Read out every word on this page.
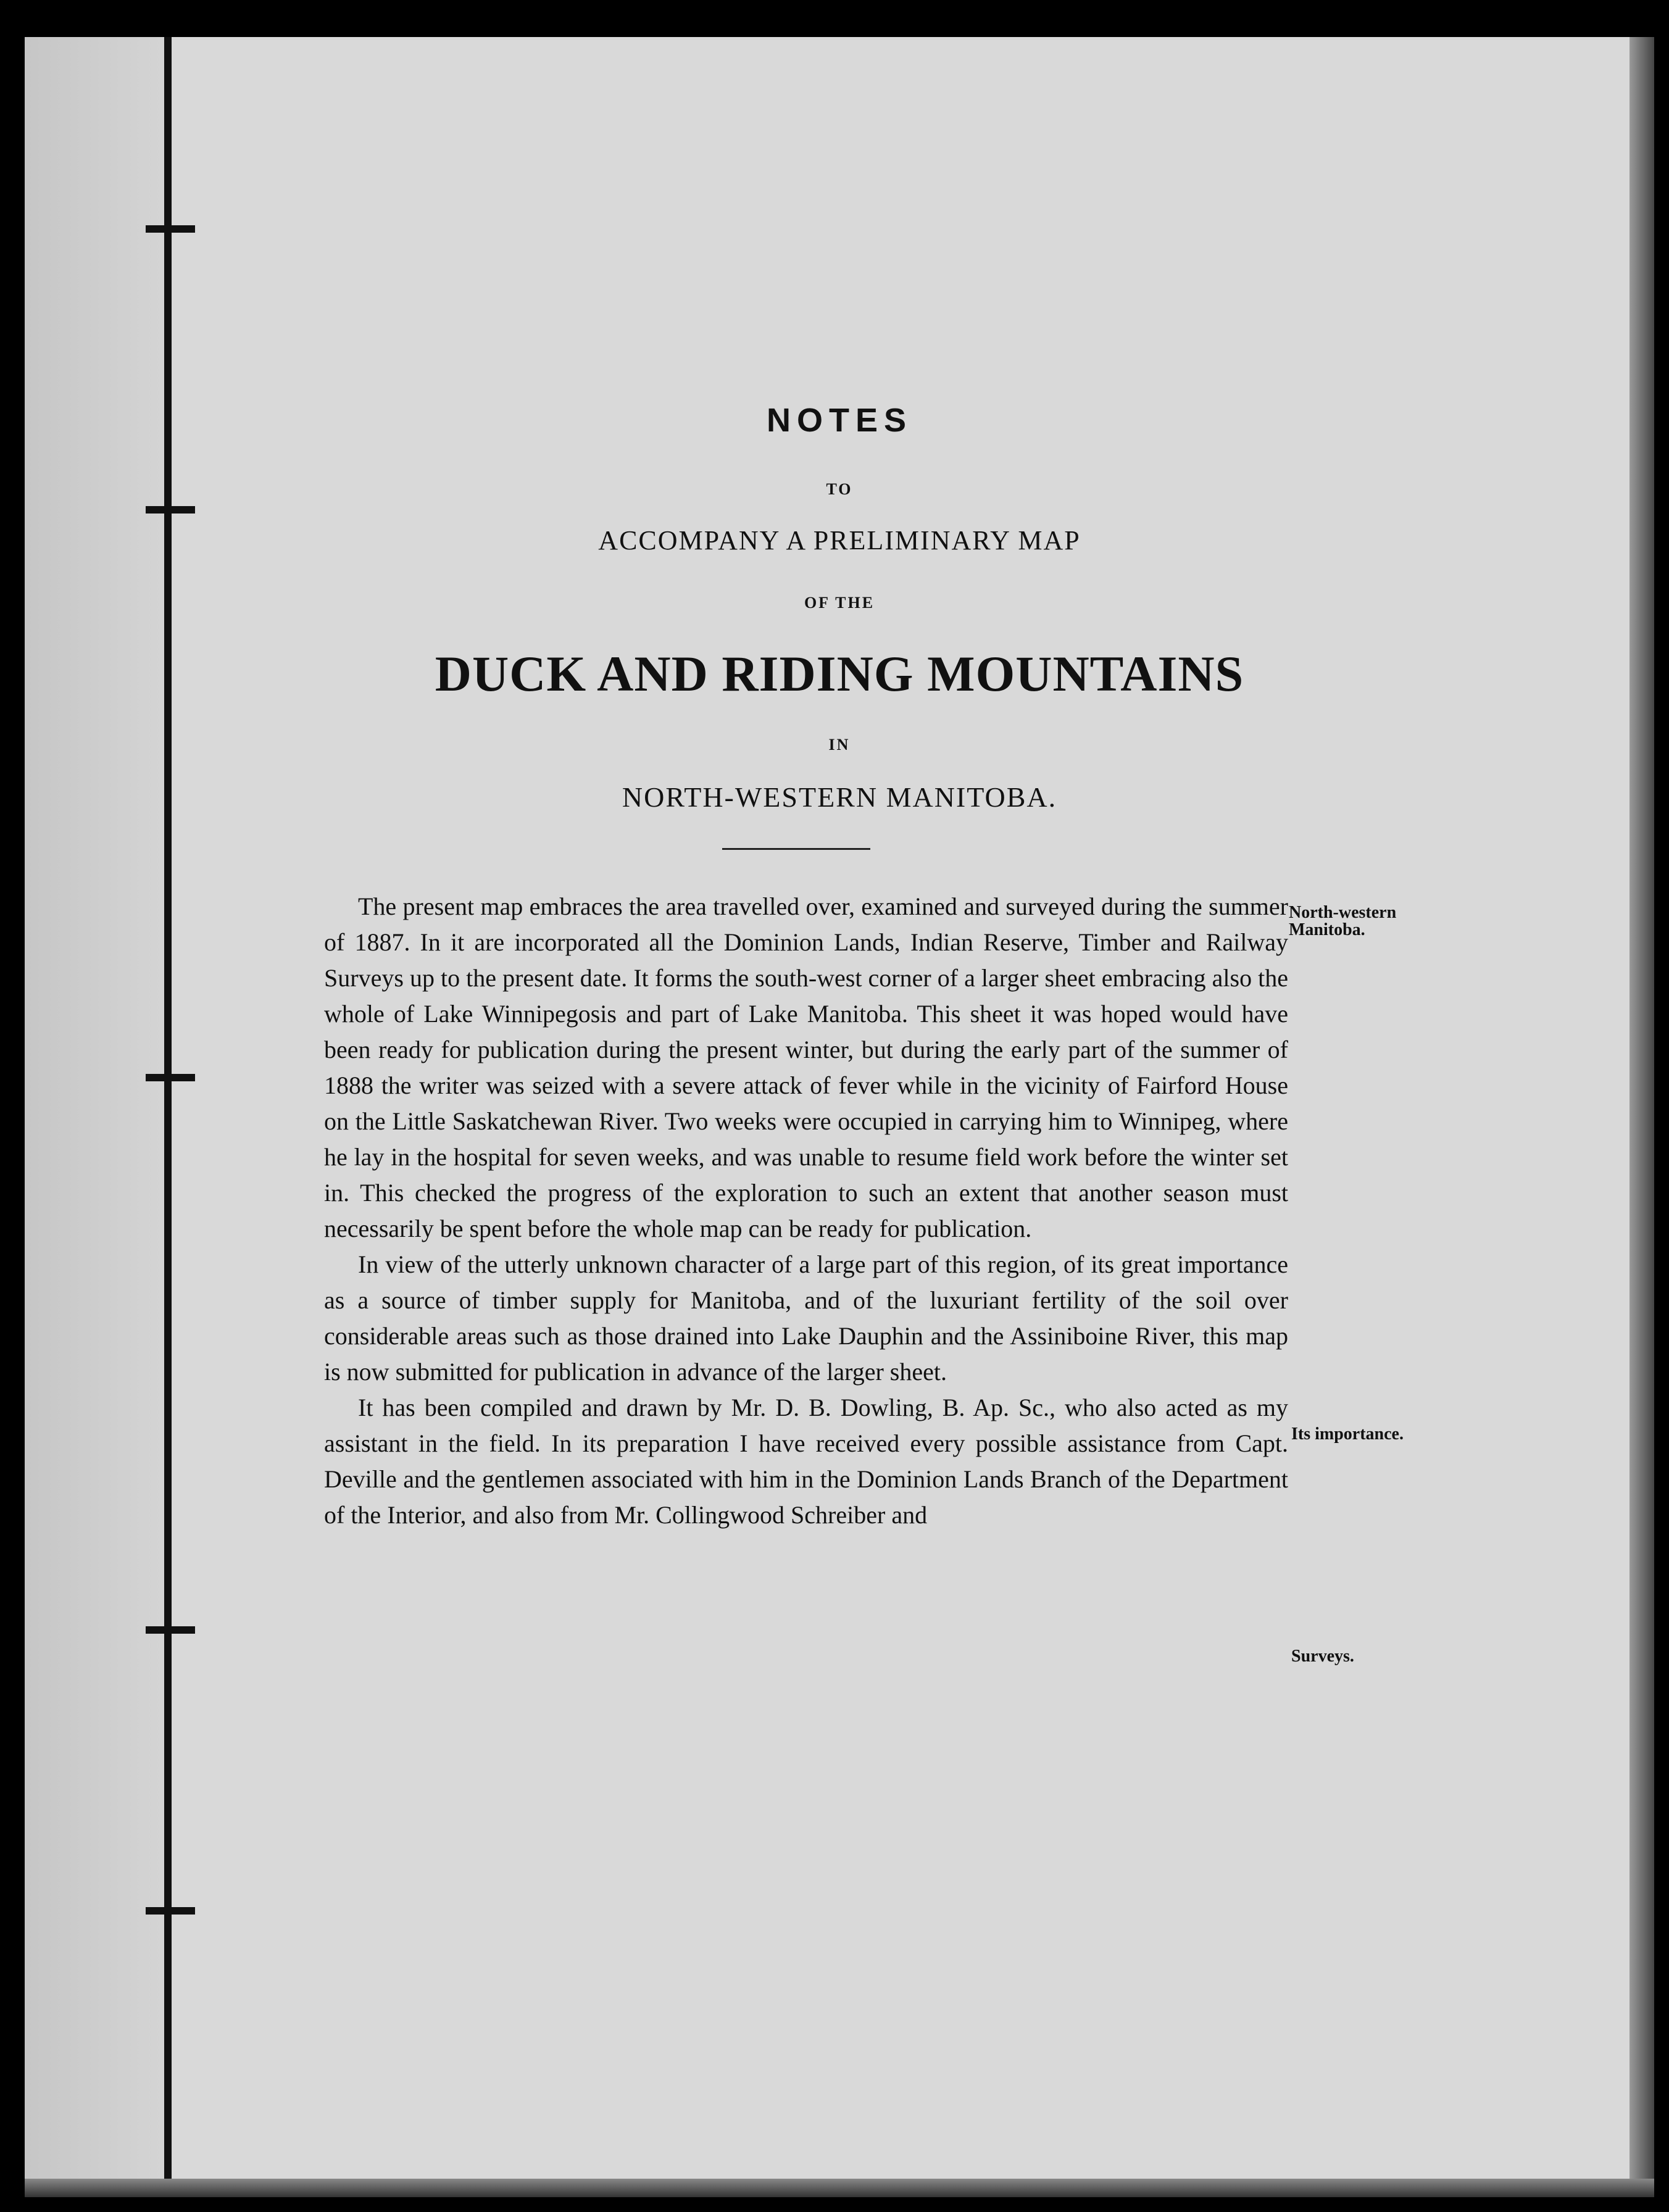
NOTES
TO
ACCOMPANY A PRELIMINARY MAP
OF THE
DUCK AND RIDING MOUNTAINS
IN
NORTH-WESTERN MANITOBA.

The present map embraces the area travelled over, examined and surveyed during the summer of 1887. In it are incorporated all the Dominion Lands, Indian Reserve, Timber and Railway Surveys up to the present date. It forms the south-west corner of a larger sheet embracing also the whole of Lake Winnipegosis and part of Lake Manitoba. This sheet it was hoped would have been ready for publication during the present winter, but during the early part of the summer of 1888 the writer was seized with a severe attack of fever while in the vicinity of Fairford House on the Little Saskatchewan River. Two weeks were occupied in carrying him to Winnipeg, where he lay in the hospital for seven weeks, and was unable to resume field work before the winter set in. This checked the progress of the exploration to such an extent that another season must necessarily be spent before the whole map can be ready for publication.

In view of the utterly unknown character of a large part of this region, of its great importance as a source of timber supply for Manitoba, and of the luxuriant fertility of the soil over considerable areas such as those drained into Lake Dauphin and the Assiniboine River, this map is now submitted for publication in advance of the larger sheet.

It has been compiled and drawn by Mr. D. B. Dowling, B. Ap. Sc., who also acted as my assistant in the field. In its preparation I have received every possible assistance from Capt. Deville and the gentlemen associated with him in the Dominion Lands Branch of the Department of the Interior, and also from Mr. Collingwood Schreiber and

North-western Manitoba.
Its importance.
Surveys.
